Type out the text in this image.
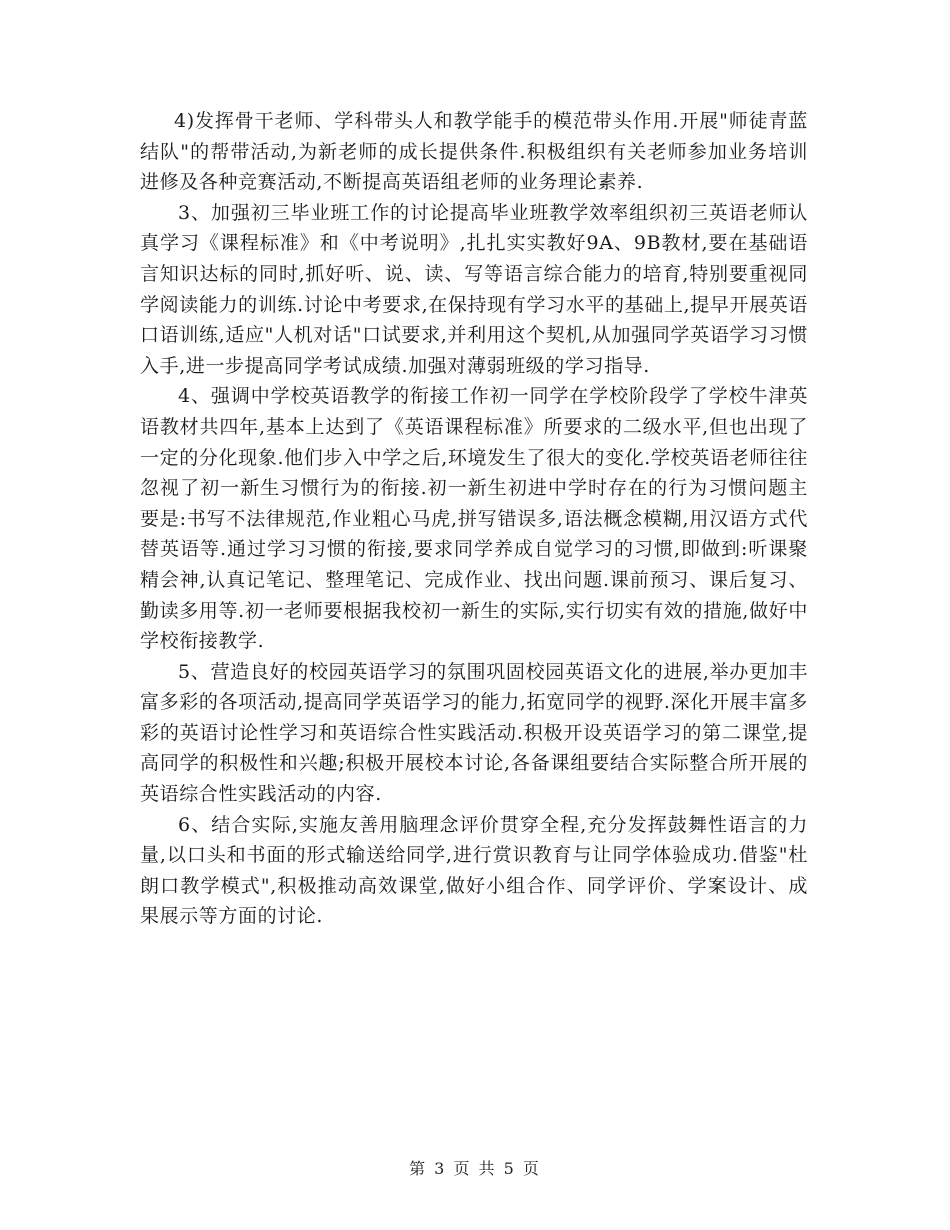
4)发挥骨干老师、学科带头人和教学能手的模范带头作用.开展"师徒青蓝结队"的帮带活动,为新老师的成长提供条件.积极组织有关老师参加业务培训进修及各种竞赛活动,不断提高英语组老师的业务理论素养.

3、加强初三毕业班工作的讨论提高毕业班教学效率组织初三英语老师认真学习《课程标准》和《中考说明》,扎扎实实教好9A、9B教材,要在基础语言知识达标的同时,抓好听、说、读、写等语言综合能力的培育,特别要重视同学阅读能力的训练.讨论中考要求,在保持现有学习水平的基础上,提早开展英语口语训练,适应"人机对话"口试要求,并利用这个契机,从加强同学英语学习习惯入手,进一步提高同学考试成绩.加强对薄弱班级的学习指导.

4、强调中学校英语教学的衔接工作初一同学在学校阶段学了学校牛津英语教材共四年,基本上达到了《英语课程标准》所要求的二级水平,但也出现了一定的分化现象.他们步入中学之后,环境发生了很大的变化.学校英语老师往往忽视了初一新生习惯行为的衔接.初一新生初进中学时存在的行为习惯问题主要是:书写不法律规范,作业粗心马虎,拼写错误多,语法概念模糊,用汉语方式代替英语等.通过学习习惯的衔接,要求同学养成自觉学习的习惯,即做到:听课聚精会神,认真记笔记、整理笔记、完成作业、找出问题.课前预习、课后复习、勤读多用等.初一老师要根据我校初一新生的实际,实行切实有效的措施,做好中学校衔接教学.

5、营造良好的校园英语学习的氛围巩固校园英语文化的进展,举办更加丰富多彩的各项活动,提高同学英语学习的能力,拓宽同学的视野.深化开展丰富多彩的英语讨论性学习和英语综合性实践活动.积极开设英语学习的第二课堂,提高同学的积极性和兴趣;积极开展校本讨论,各备课组要结合实际整合所开展的英语综合性实践活动的内容.

6、结合实际,实施友善用脑理念评价贯穿全程,充分发挥鼓舞性语言的力量,以口头和书面的形式输送给同学,进行赏识教育与让同学体验成功.借鉴"杜朗口教学模式",积极推动高效课堂,做好小组合作、同学评价、学案设计、成果展示等方面的讨论.

第 3 页 共 5 页
